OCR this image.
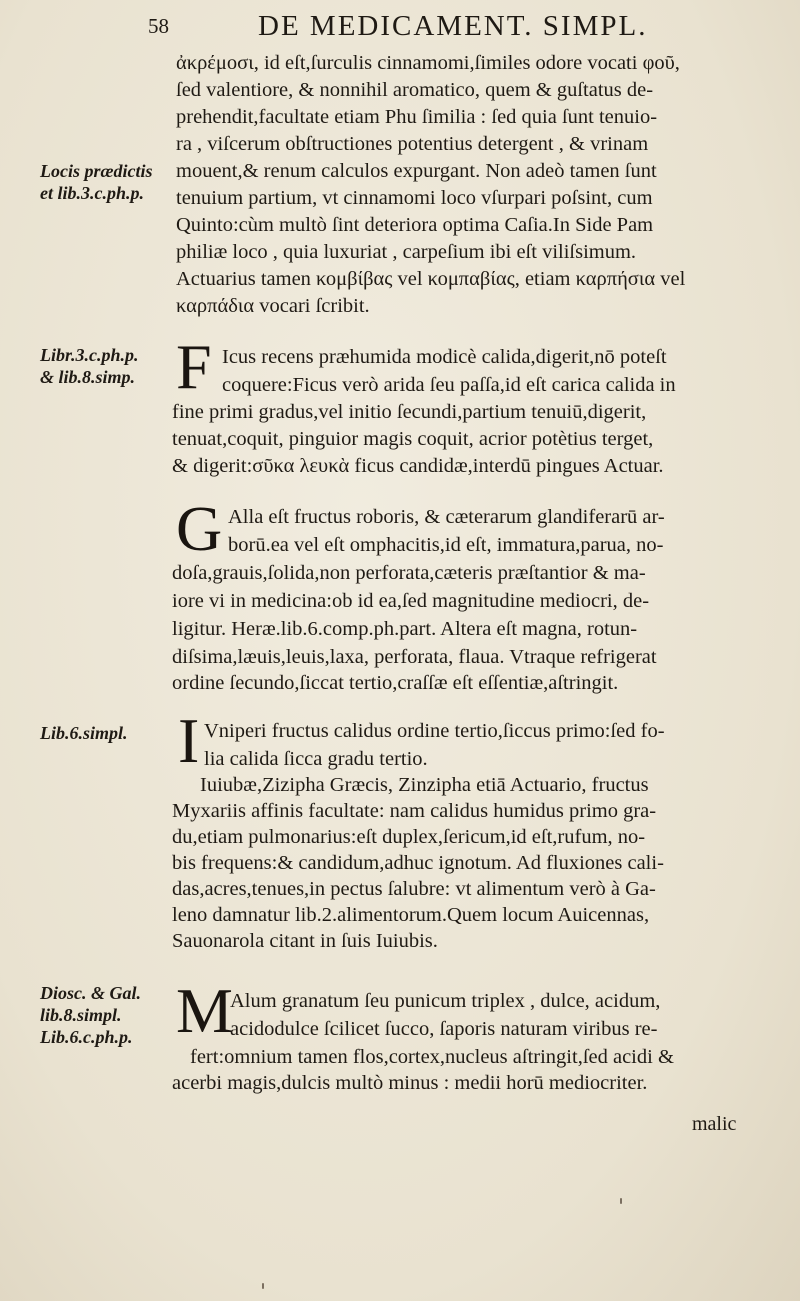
58	DE MEDICAMENT. SIMPL.
Locis prædictis
et lib.3.c.ph.p.
Libr.3.c.ph.p.
& lib.8.simp.
Lib.6.simpl.
Diosc. & Gal.
lib.8.simpl.
Lib.6.c.ph.p.
ἀκρέμοσι, id eſt,ſurculis cinnamomi,ſimiles odore vocati φοῦ,
ſed valentiore, & nonnihil aromatico, quem & guſtatus de-
prehendit,facultate etiam Phu ſimilia : ſed quia ſunt tenuio-
ra , viſcerum obſtructiones potentius detergent , & vrinam
mouent,& renum calculos expurgant. Non adeò tamen ſunt
tenuium partium, vt cinnamomi loco vſurpari poſsint, cum
Quinto:cùm multò ſint deteriora optima Caſia.In Side Pam
philiæ loco , quia luxuriat , carpeſium ibi eſt viliſsimum.
Actuarius tamen κομβίβας vel κομπαβίας, etiam καρπήσια vel
καρπάδια vocari ſcribit.
F Icus recens præhumida modicè calida,digerit,nō poteſt
coquere:Ficus verò arida ſeu paſſa,id eſt carica calida in
fine primi gradus,vel initio ſecundi,partium tenuiū,digerit,
tenuat,coquit, pinguior magis coquit, acrior potètius terget,
& digerit:σῦκα λευκὰ ficus candidæ,interdū pingues Actuar.
G Alla eſt fructus roboris, & cæterarum glandiferarū ar-
borū.ea vel eſt omphacitis,id eſt, immatura,parua, no-
doſa,grauis,ſolida,non perforata,cæteris præſtantior & ma-
iore vi in medicina:ob id ea,ſed magnitudine mediocri, de-
ligitur. Heræ.lib.6.comp.ph.part. Altera eſt magna, rotun-
diſsima,læuis,leuis,laxa, perforata, flaua. Vtraque refrigerat
ordine ſecundo,ſiccat tertio,craſſæ eſt eſſentiæ,aſtringit.
I Vniperi fructus calidus ordine tertio,ſiccus primo:ſed fo-
lia calida ſicca gradu tertio.
Iuiubæ,Zizipha Græcis, Zinzipha etiā Actuario, fructus
Myxariis affinis facultate: nam calidus humidus primo gra-
du,etiam pulmonarius:eſt duplex,ſericum,id eſt,rufum, no-
bis frequens:& candidum,adhuc ignotum. Ad fluxiones cali-
das,acres,tenues,in pectus ſalubre: vt alimentum verò à Ga-
leno damnatur lib.2.alimentorum.Quem locum Auicennas,
Sauonarola citant in ſuis Iuiubis.
M
Alum granatum ſeu punicum triplex , dulce, acidum,
acidodulce ſcilicet ſucco, ſaporis naturam viribus re-
fert:omnium tamen flos,cortex,nucleus aſtringit,ſed acidi &
acerbi magis,dulcis multò minus : medii horū mediocriter.
malic
